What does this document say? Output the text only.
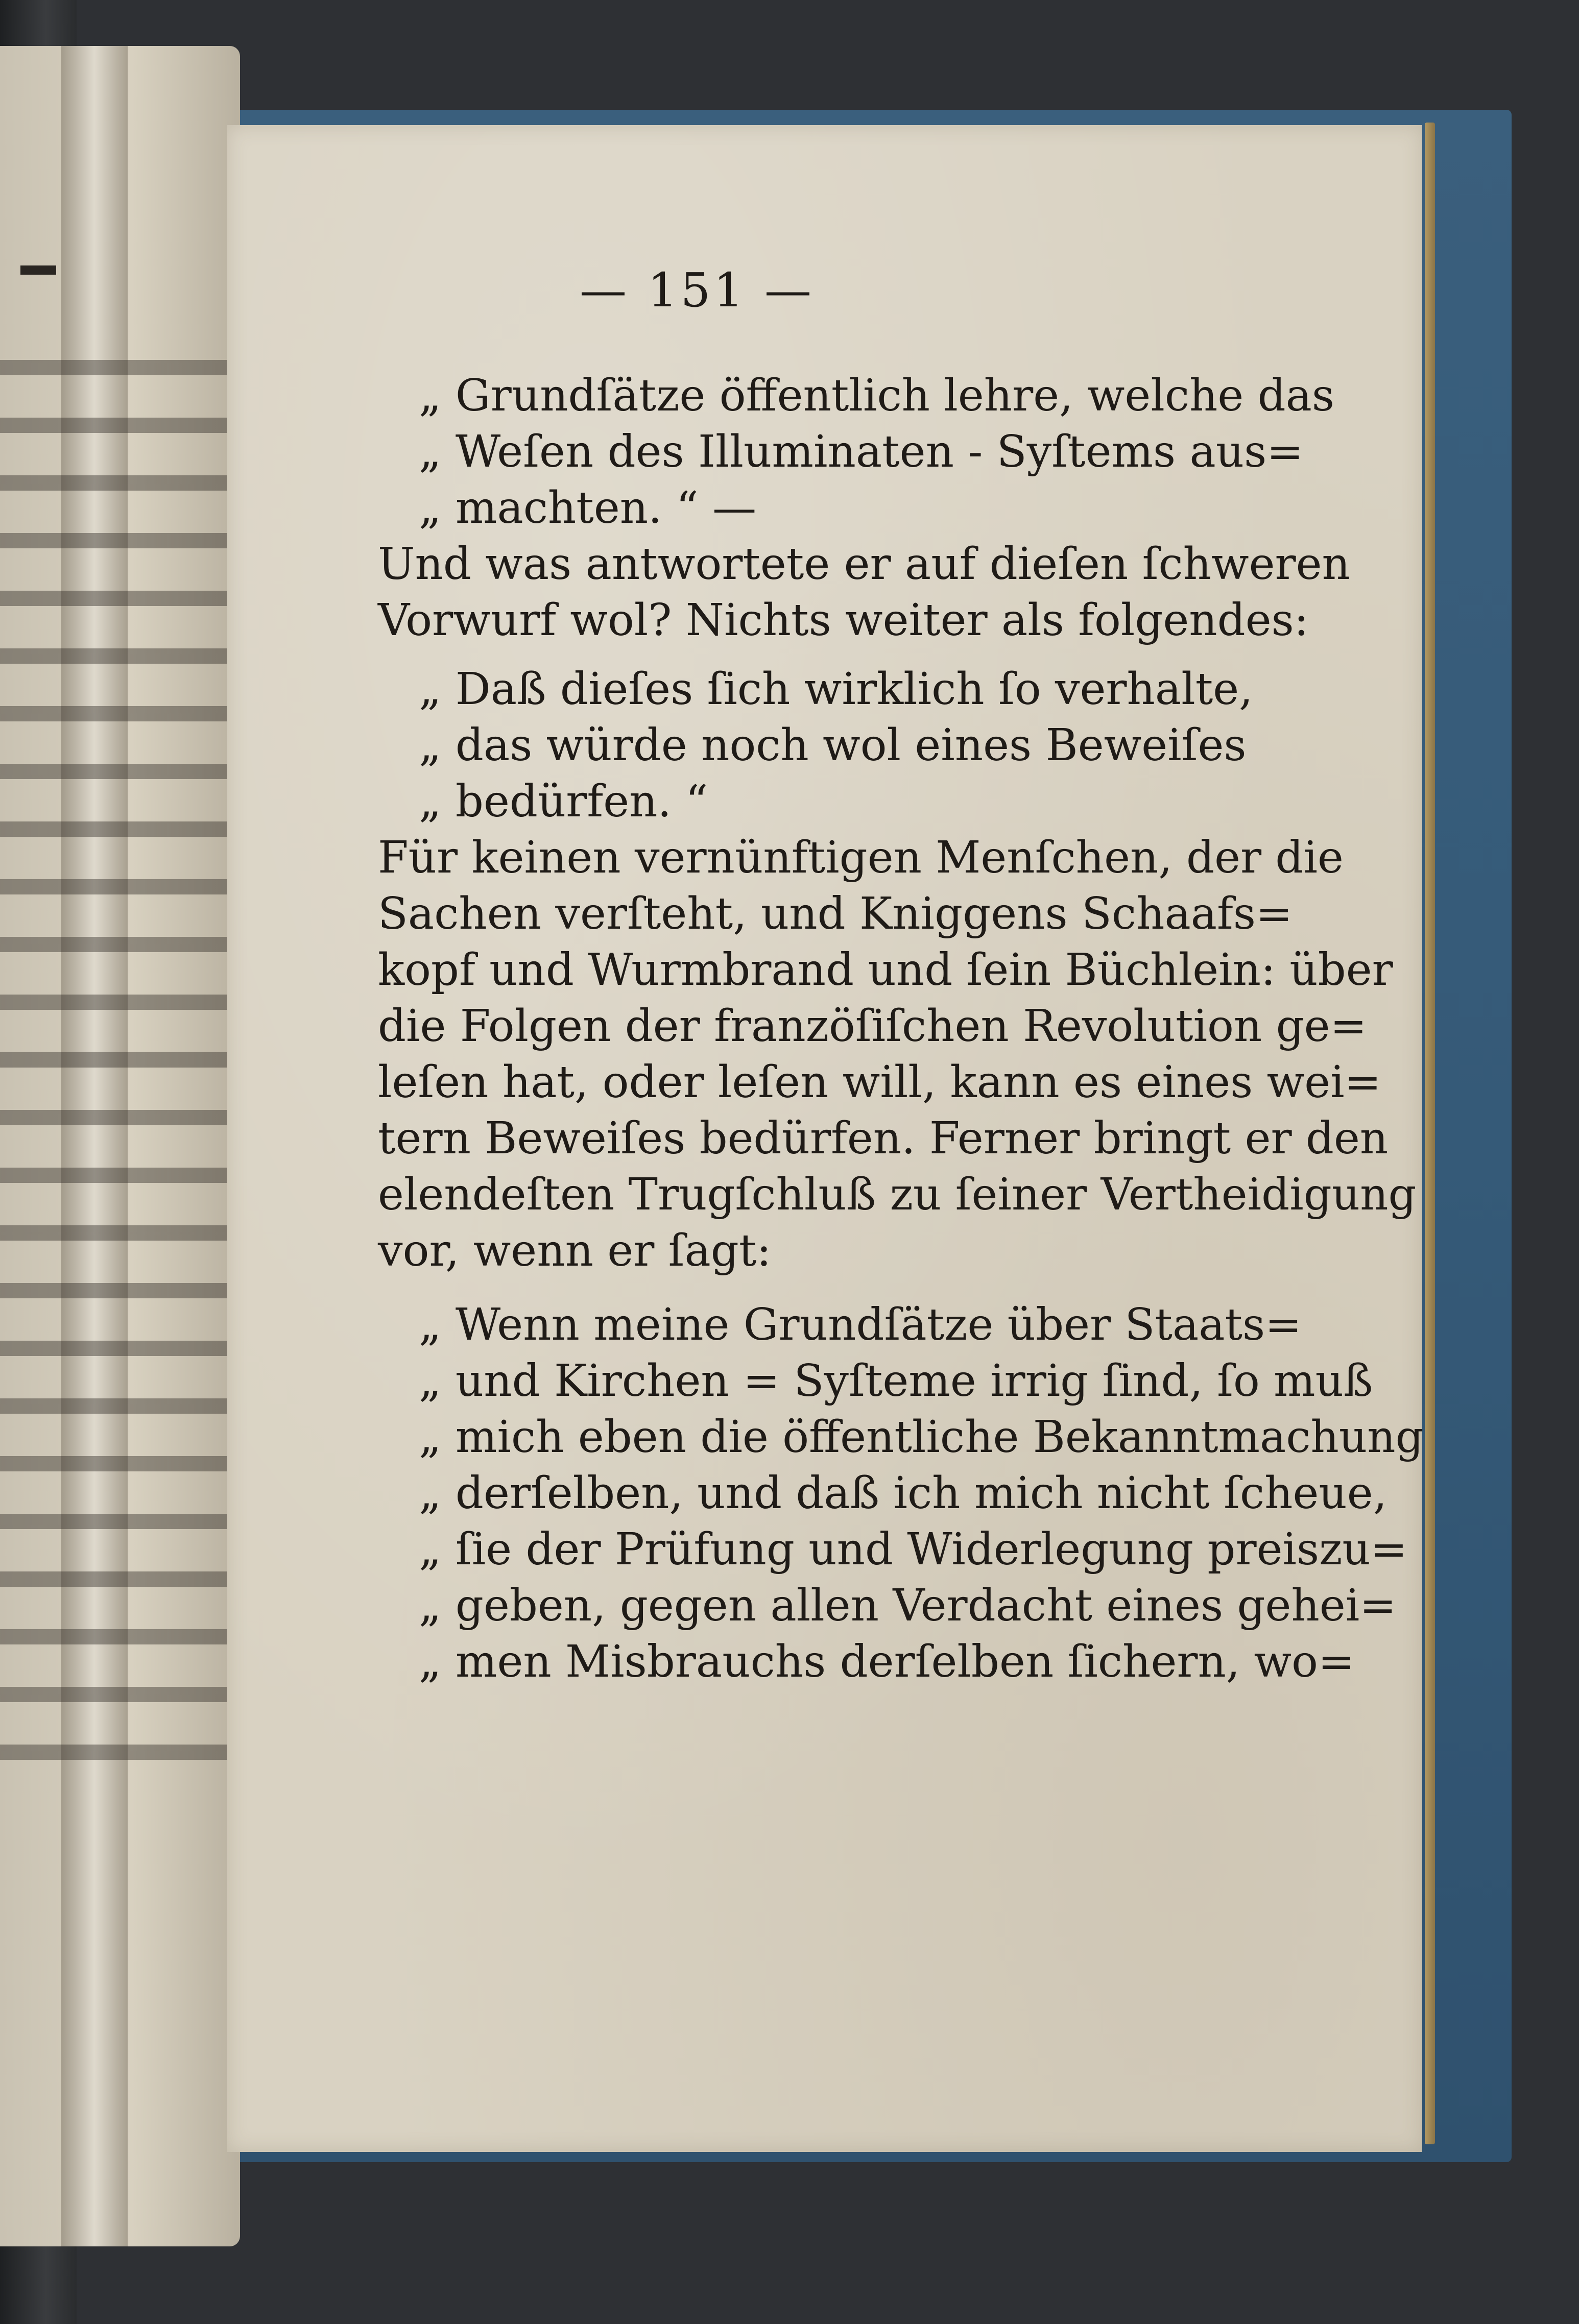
— 151 —
„ Grundſätze öffentlich lehre, welche das
„ Weſen des Illuminaten - Syſtems aus=
„ machten. “ —
Und was antwortete er auf dieſen ſchweren
Vorwurf wol? Nichts weiter als folgendes:
„ Daß dieſes ſich wirklich ſo verhalte,
„ das würde noch wol eines Beweiſes
„ bedürfen. “
Für keinen vernünftigen Menſchen, der die
Sachen verſteht, und Kniggens Schaafs=
kopf und Wurmbrand und ſein Büchlein: über
die Folgen der franzöſiſchen Revolution ge=
leſen hat, oder leſen will, kann es eines wei=
tern Beweiſes bedürfen. Ferner bringt er den
elendeſten Trugſchluß zu ſeiner Vertheidigung
vor, wenn er ſagt:
„ Wenn meine Grundſätze über Staats=
„ und Kirchen = Syſteme irrig ſind, ſo muß
„ mich eben die öffentliche Bekanntmachung
„ derſelben, und daß ich mich nicht ſcheue,
„ ſie der Prüfung und Widerlegung preiszu=
„ geben, gegen allen Verdacht eines gehei=
„ men Misbrauchs derſelben ſichern, wo=
